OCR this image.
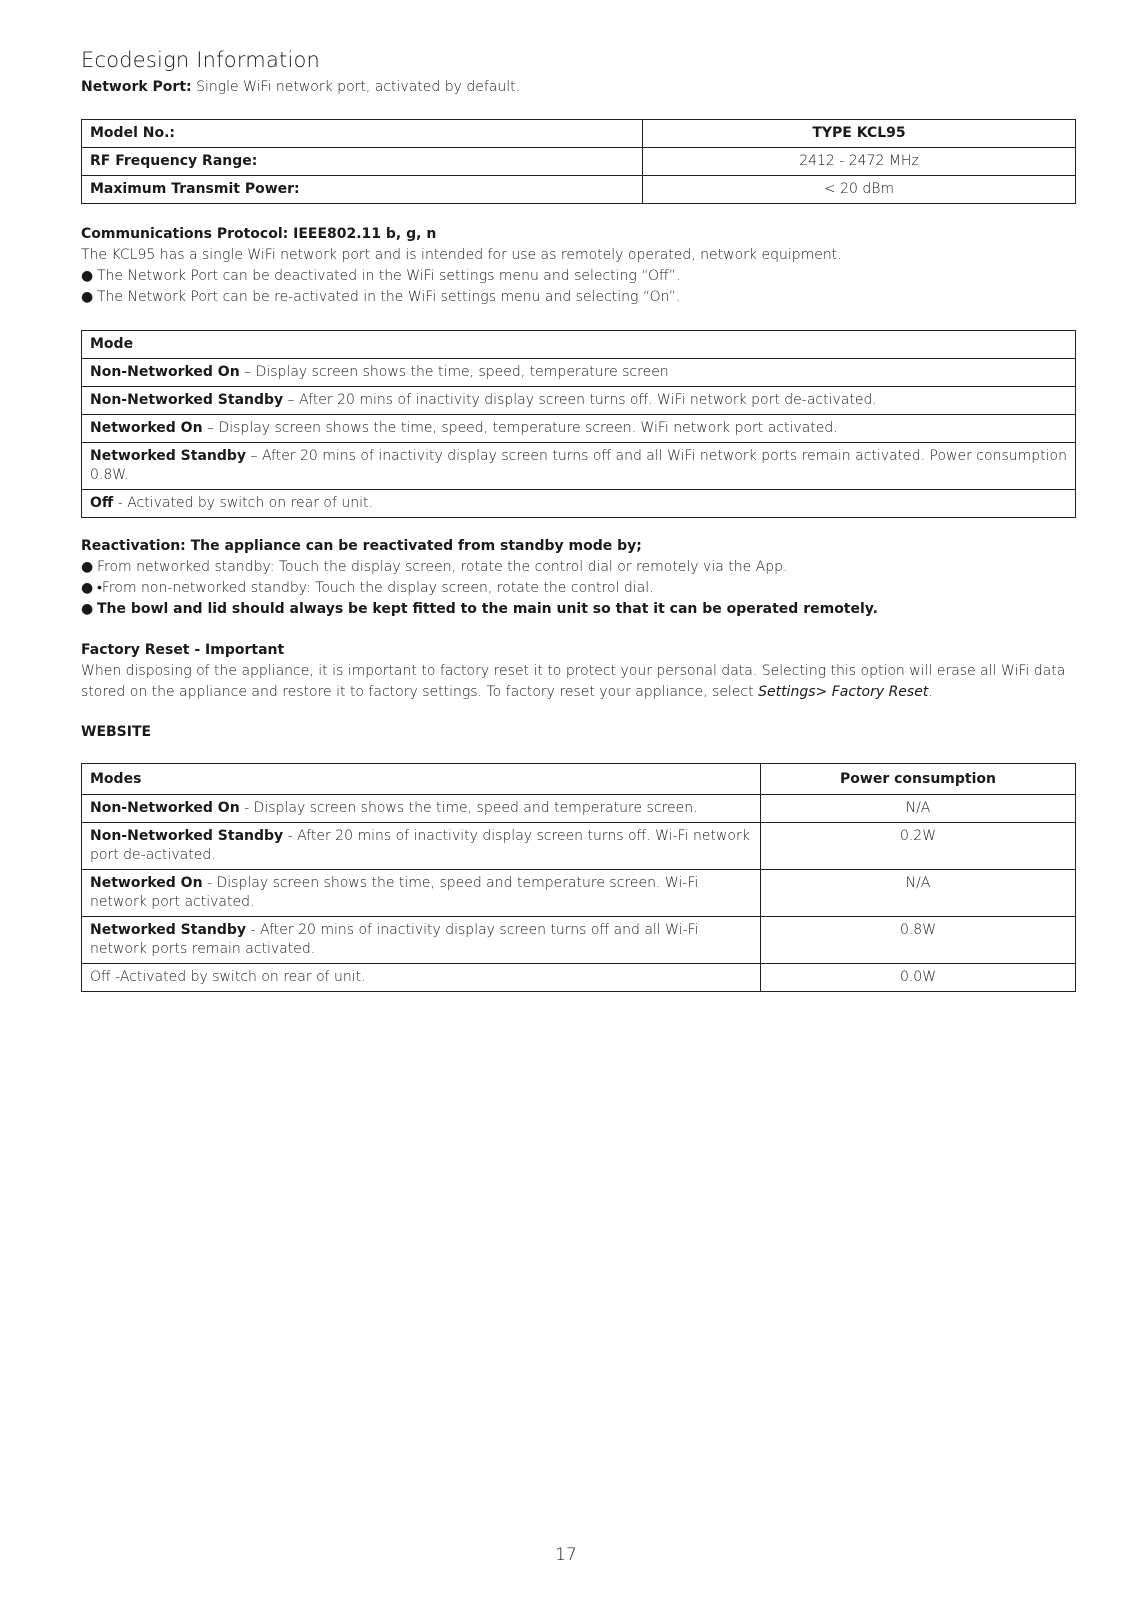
Ecodesign Information

Network Port: Single WiFi network port, activated by default.

Model No.:	TYPE KCL95
RF Frequency Range:	2412 - 2472 MHz
Maximum Transmit Power:	< 20 dBm

Communications Protocol: IEEE802.11 b, g, n

The KCL95 has a single WiFi network port and is intended for use as remotely operated, network equipment.

● The Network Port can be deactivated in the WiFi settings menu and selecting “Off”.
● The Network Port can be re-activated in the WiFi settings menu and selecting “On”.
Mode
Non-Networked On – Display screen shows the time, speed, temperature screen
Non-Networked Standby – After 20 mins of inactivity display screen turns off. WiFi network port de-activated.
Networked On – Display screen shows the time, speed, temperature screen. WiFi network port activated.
Networked Standby – After 20 mins of inactivity display screen turns off and all WiFi network ports remain activated. Power consumption 0.8W.
Off - Activated by switch on rear of unit.

Reactivation: The appliance can be reactivated from standby mode by;

● From networked standby: Touch the display screen, rotate the control dial or remotely via the App.
● •From non-networked standby: Touch the display screen, rotate the control dial.
● The bowl and lid should always be kept fitted to the main unit so that it can be operated remotely.

Factory Reset - Important

When disposing of the appliance, it is important to factory reset it to protect your personal data. Selecting this option will erase all WiFi data stored on the appliance and restore it to factory settings. To factory reset your appliance, select Settings> Factory Reset.

WEBSITE

Modes	Power consumption
Non-Networked On - Display screen shows the time, speed and temperature screen.	N/A
Non-Networked Standby - After 20 mins of inactivity display screen turns off. Wi-Fi network port de-activated.	0.2W
Networked On - Display screen shows the time, speed and temperature screen. Wi-Fi network port activated.	N/A
Networked Standby - After 20 mins of inactivity display screen turns off and all Wi-Fi network ports remain activated.	0.8W
Off -Activated by switch on rear of unit.	0.0W
17
